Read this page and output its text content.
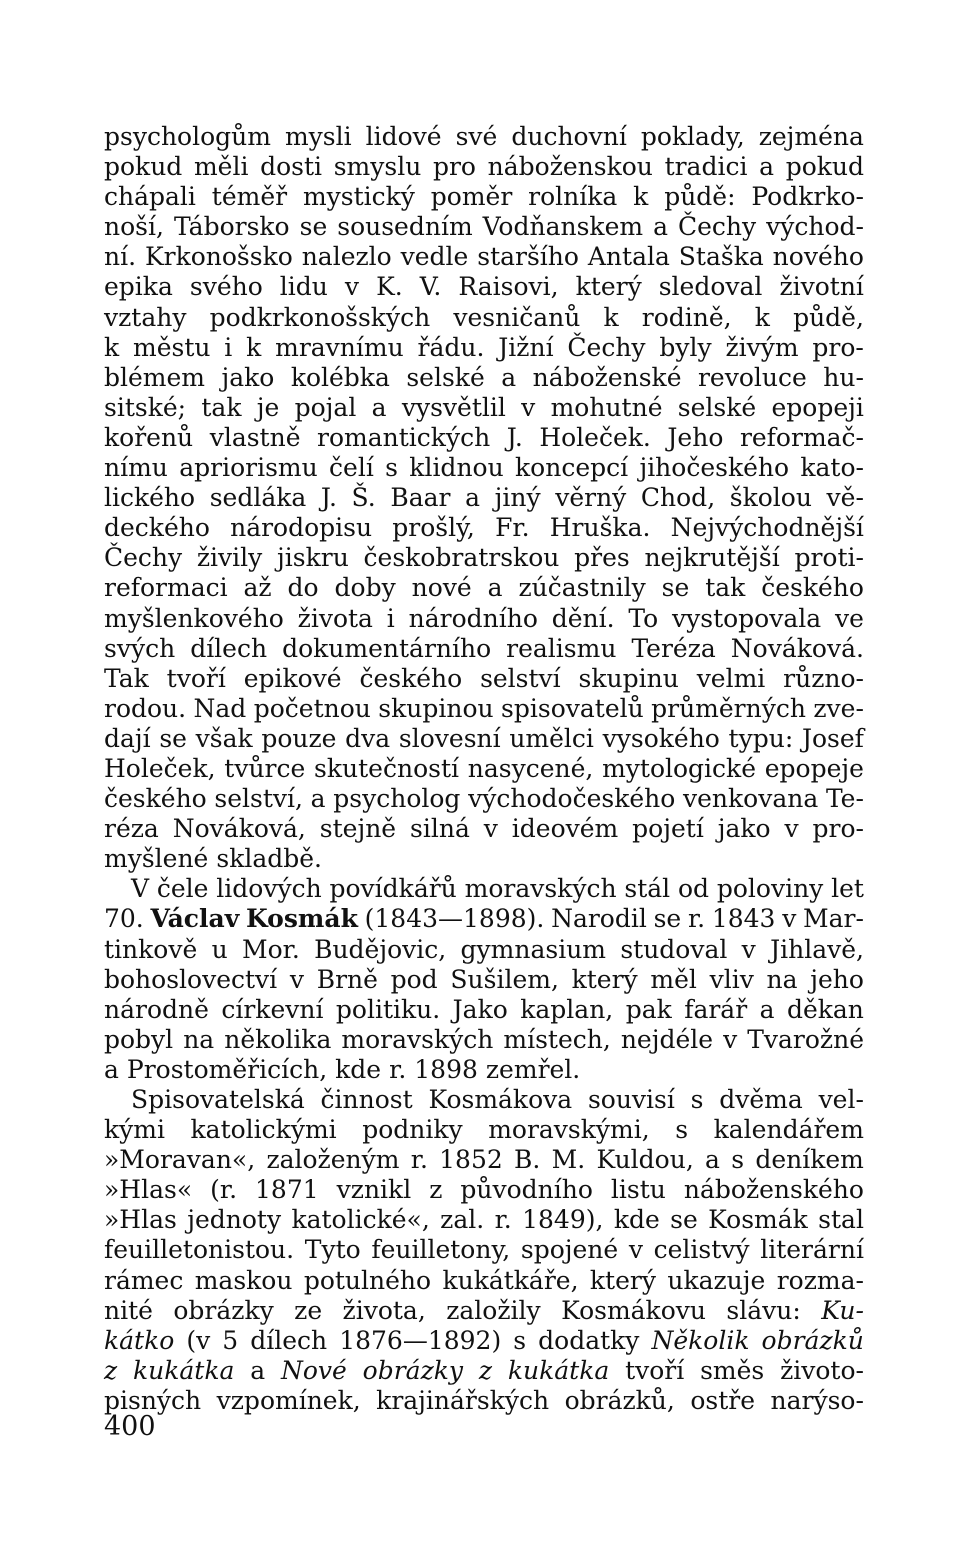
psychologům mysli lidové své duchovní poklady, zejména
pokud měli dosti smyslu pro náboženskou tradici a pokud
chápali téměř mystický poměr rolníka k půdě: Podkrko-
noší, Táborsko se sousedním Vodňanskem a Čechy východ-
ní. Krkonošsko nalezlo vedle staršího Antala Staška nového
epika svého lidu v K. V. Raisovi, který sledoval životní
vztahy podkrkonošských vesničanů k rodině, k půdě,
k městu i k mravnímu řádu. Jižní Čechy byly živým pro-
blémem jako kolébka selské a náboženské revoluce hu-
sitské; tak je pojal a vysvětlil v mohutné selské epopeji
kořenů vlastně romantických J. Holeček. Jeho reformač-
nímu apriorismu čelí s klidnou koncepcí jihočeského kato-
lického sedláka J. Š. Baar a jiný věrný Chod, školou vě-
deckého národopisu prošlý, Fr. Hruška. Nejvýchodnější
Čechy živily jiskru českobratrskou přes nejkrutější proti-
reformaci až do doby nové a zúčastnily se tak českého
myšlenkového života i národního dění. To vystopovala ve
svých dílech dokumentárního realismu Teréza Nováková.
Tak tvoří epikové českého selství skupinu velmi různo-
rodou. Nad početnou skupinou spisovatelů průměrných zve-
dají se však pouze dva slovesní umělci vysokého typu: Josef
Holeček, tvůrce skutečností nasycené, mytologické epopeje
českého selství, a psycholog východočeského venkovana Te-
réza Nováková, stejně silná v ideovém pojetí jako v pro-
myšlené skladbě.
V čele lidových povídkářů moravských stál od poloviny let
70. Václav Kosmák (1843—1898). Narodil se r. 1843 v Mar-
tinkově u Mor. Budějovic, gymnasium studoval v Jihlavě,
bohoslovectví v Brně pod Sušilem, který měl vliv na jeho
národně církevní politiku. Jako kaplan, pak farář a děkan
pobyl na několika moravských místech, nejdéle v Tvarožné
a Prostoměřicích, kde r. 1898 zemřel.
Spisovatelská činnost Kosmákova souvisí s dvěma vel-
kými katolickými podniky moravskými, s kalendářem
»Moravan«, založeným r. 1852 B. M. Kuldou, a s deníkem
»Hlas« (r. 1871 vznikl z původního listu náboženského
»Hlas jednoty katolické«, zal. r. 1849), kde se Kosmák stal
feuilletonistou. Tyto feuilletony, spojené v celistvý literární
rámec maskou potulného kukátkáře, který ukazuje rozma-
nité obrázky ze života, založily Kosmákovu slávu: Ku-
kátko (v 5 dílech 1876—1892) s dodatky Několik obrázků
z kukátka a Nové obrázky z kukátka tvoří směs životo-
pisných vzpomínek, krajinářských obrázků, ostře narýso-
400
